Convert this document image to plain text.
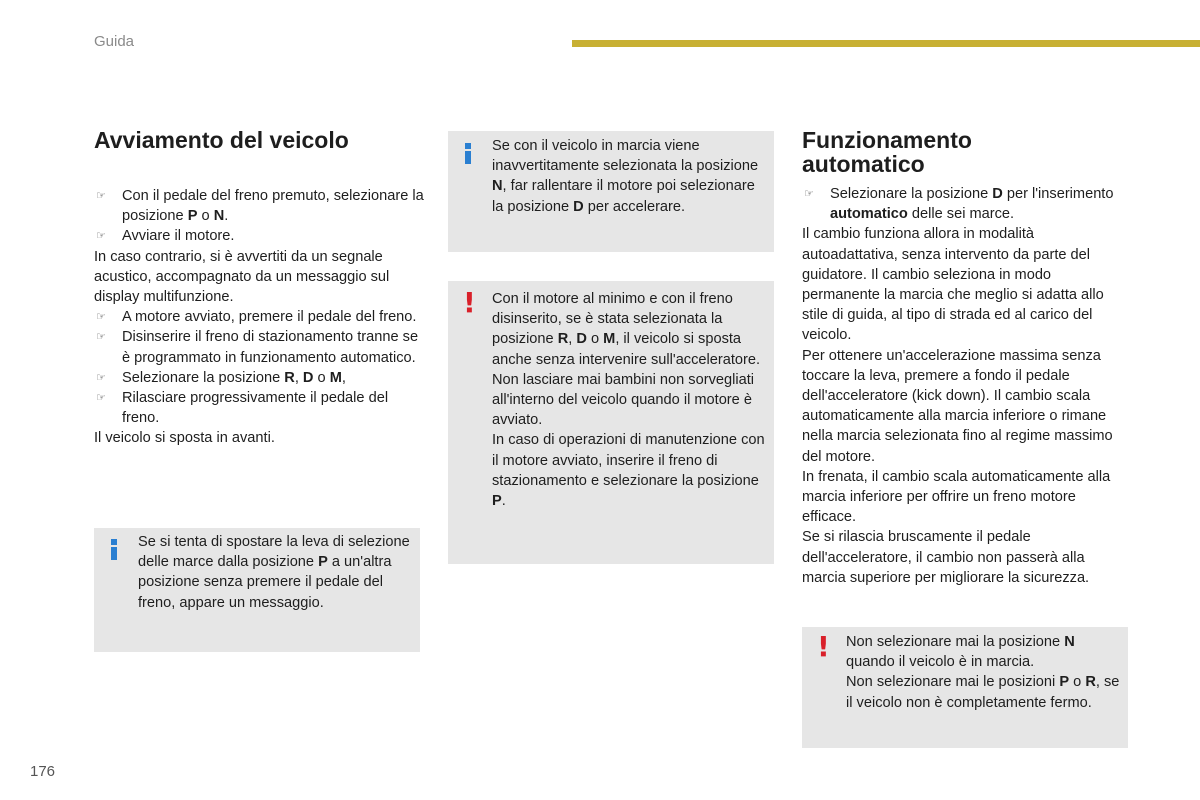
Guida
Avviamento del veicolo
☞ Con il pedale del freno premuto, selezionare la posizione P o N.
☞ Avviare il motore.

In caso contrario, si è avvertiti da un segnale acustico, accompagnato da un messaggio sul display multifunzione.

☞ A motore avviato, premere il pedale del freno.
☞ Disinserire il freno di stazionamento tranne se è programmato in funzionamento automatico.
☞ Selezionare la posizione R, D o M,
☞ Rilasciare progressivamente il pedale del freno.

Il veicolo si sposta in avanti.

Se si tenta di spostare la leva di selezione delle marce dalla posizione P a un'altra posizione senza premere il pedale del freno, appare un messaggio.
Se con il veicolo in marcia viene inavvertitamente selezionata la posizione N, far rallentare il motore poi selezionare la posizione D per accelerare.
! Con il motore al minimo e con il freno disinserito, se è stata selezionata la posizione R, D o M, il veicolo si sposta anche senza intervenire sull'acceleratore.

Non lasciare mai bambini non sorvegliati all'interno del veicolo quando il motore è avviato.

In caso di operazioni di manutenzione con il motore avviato, inserire il freno di stazionamento e selezionare la posizione P.

Funzionamento
automatico
☞ Selezionare la posizione D per l'inserimento automatico delle sei marce.

Il cambio funziona allora in modalità autoadattativa, senza intervento da parte del guidatore. Il cambio seleziona in modo permanente la marcia che meglio si adatta allo stile di guida, al tipo di strada ed al carico del veicolo.

Per ottenere un'accelerazione massima senza toccare la leva, premere a fondo il pedale dell'acceleratore (kick down). Il cambio scala automaticamente alla marcia inferiore o rimane nella marcia selezionata fino al regime massimo del motore.

In frenata, il cambio scala automaticamente alla marcia inferiore per offrire un freno motore efficace.

Se si rilascia bruscamente il pedale dell'acceleratore, il cambio non passerà alla marcia superiore per migliorare la sicurezza.

! Non selezionare mai la posizione N quando il veicolo è in marcia.

Non selezionare mai le posizioni P o R, se il veicolo non è completamente fermo.

176
